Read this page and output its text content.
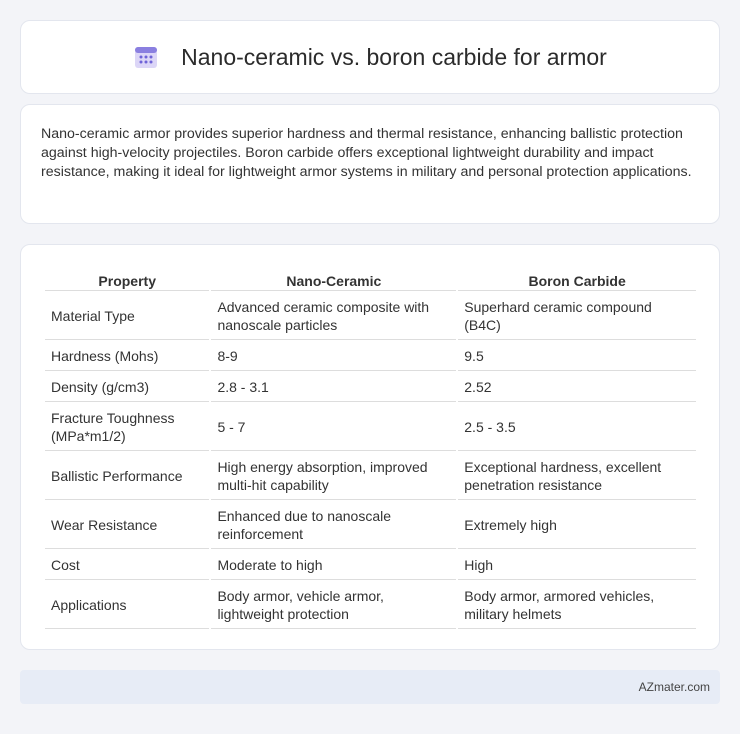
Nano-ceramic vs. boron carbide for armor

Nano-ceramic armor provides superior hardness and thermal resistance, enhancing ballistic protection against high-velocity projectiles. Boron carbide offers exceptional lightweight durability and impact resistance, making it ideal for lightweight armor systems in military and personal protection applications.

Property	Nano-Ceramic	Boron Carbide
Material Type	Advanced ceramic composite with nanoscale particles	Superhard ceramic compound (B4C)
Hardness (Mohs)	8-9	9.5
Density (g/cm3)	2.8 - 3.1	2.52
Fracture Toughness (MPa*m1/2)	5 - 7	2.5 - 3.5
Ballistic Performance	High energy absorption, improved multi-hit capability	Exceptional hardness, excellent penetration resistance
Wear Resistance	Enhanced due to nanoscale reinforcement	Extremely high
Cost	Moderate to high	High
Applications	Body armor, vehicle armor, lightweight protection	Body armor, armored vehicles, military helmets
AZmater.com
